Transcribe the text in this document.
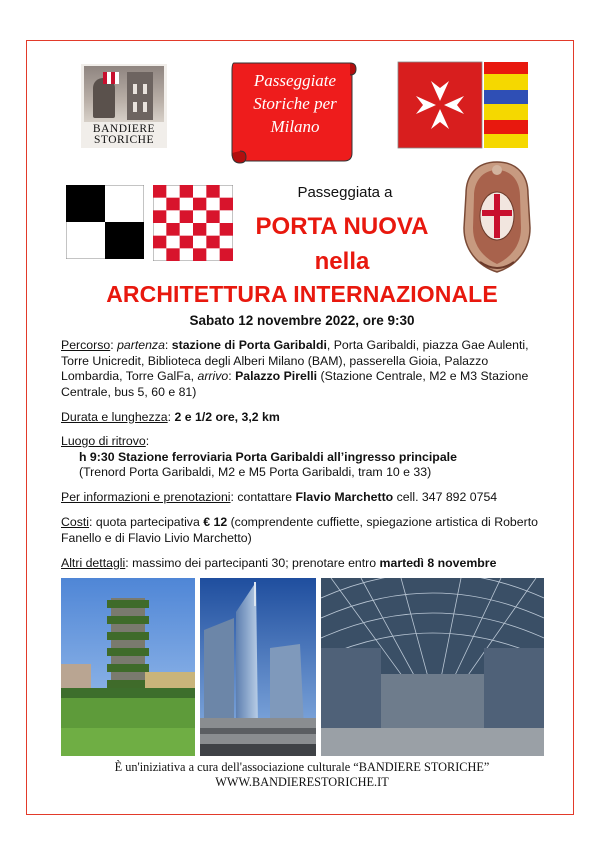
BANDIERE
STORICHE
Passeggiate
Storiche per
Milano
Passeggiata a
PORTA NUOVA
nella
ARCHITETTURA INTERNAZIONALE
Sabato 12 novembre 2022, ore 9:30
Percorso: partenza: stazione di Porta Garibaldi, Porta Garibaldi, piazza Gae Aulenti, Torre Unicredit, Biblioteca degli Alberi Milano (BAM), passerella Gioia, Palazzo Lombardia, Torre GalFa, arrivo: Palazzo Pirelli (Stazione Centrale, M2 e M3 Stazione Centrale, bus 5, 60 e 81)
Durata e lunghezza: 2 e 1/2 ore, 3,2 km
Luogo di ritrovo:
h 9:30 Stazione ferroviaria Porta Garibaldi all’ingresso principale
(Trenord Porta Garibaldi, M2 e M5 Porta Garibaldi, tram 10 e 33)
Per informazioni e prenotazioni: contattare Flavio Marchetto cell. 347 892 0754
Costi: quota partecipativa € 12 (comprendente cuffiette, spiegazione artistica di Roberto Fanello e di Flavio Livio Marchetto)
Altri dettagli: massimo dei partecipanti 30; prenotare entro martedì 8 novembre
È un'iniziativa a cura dell'associazione culturale “BANDIERE STORICHE”
WWW.BANDIERESTORICHE.IT
